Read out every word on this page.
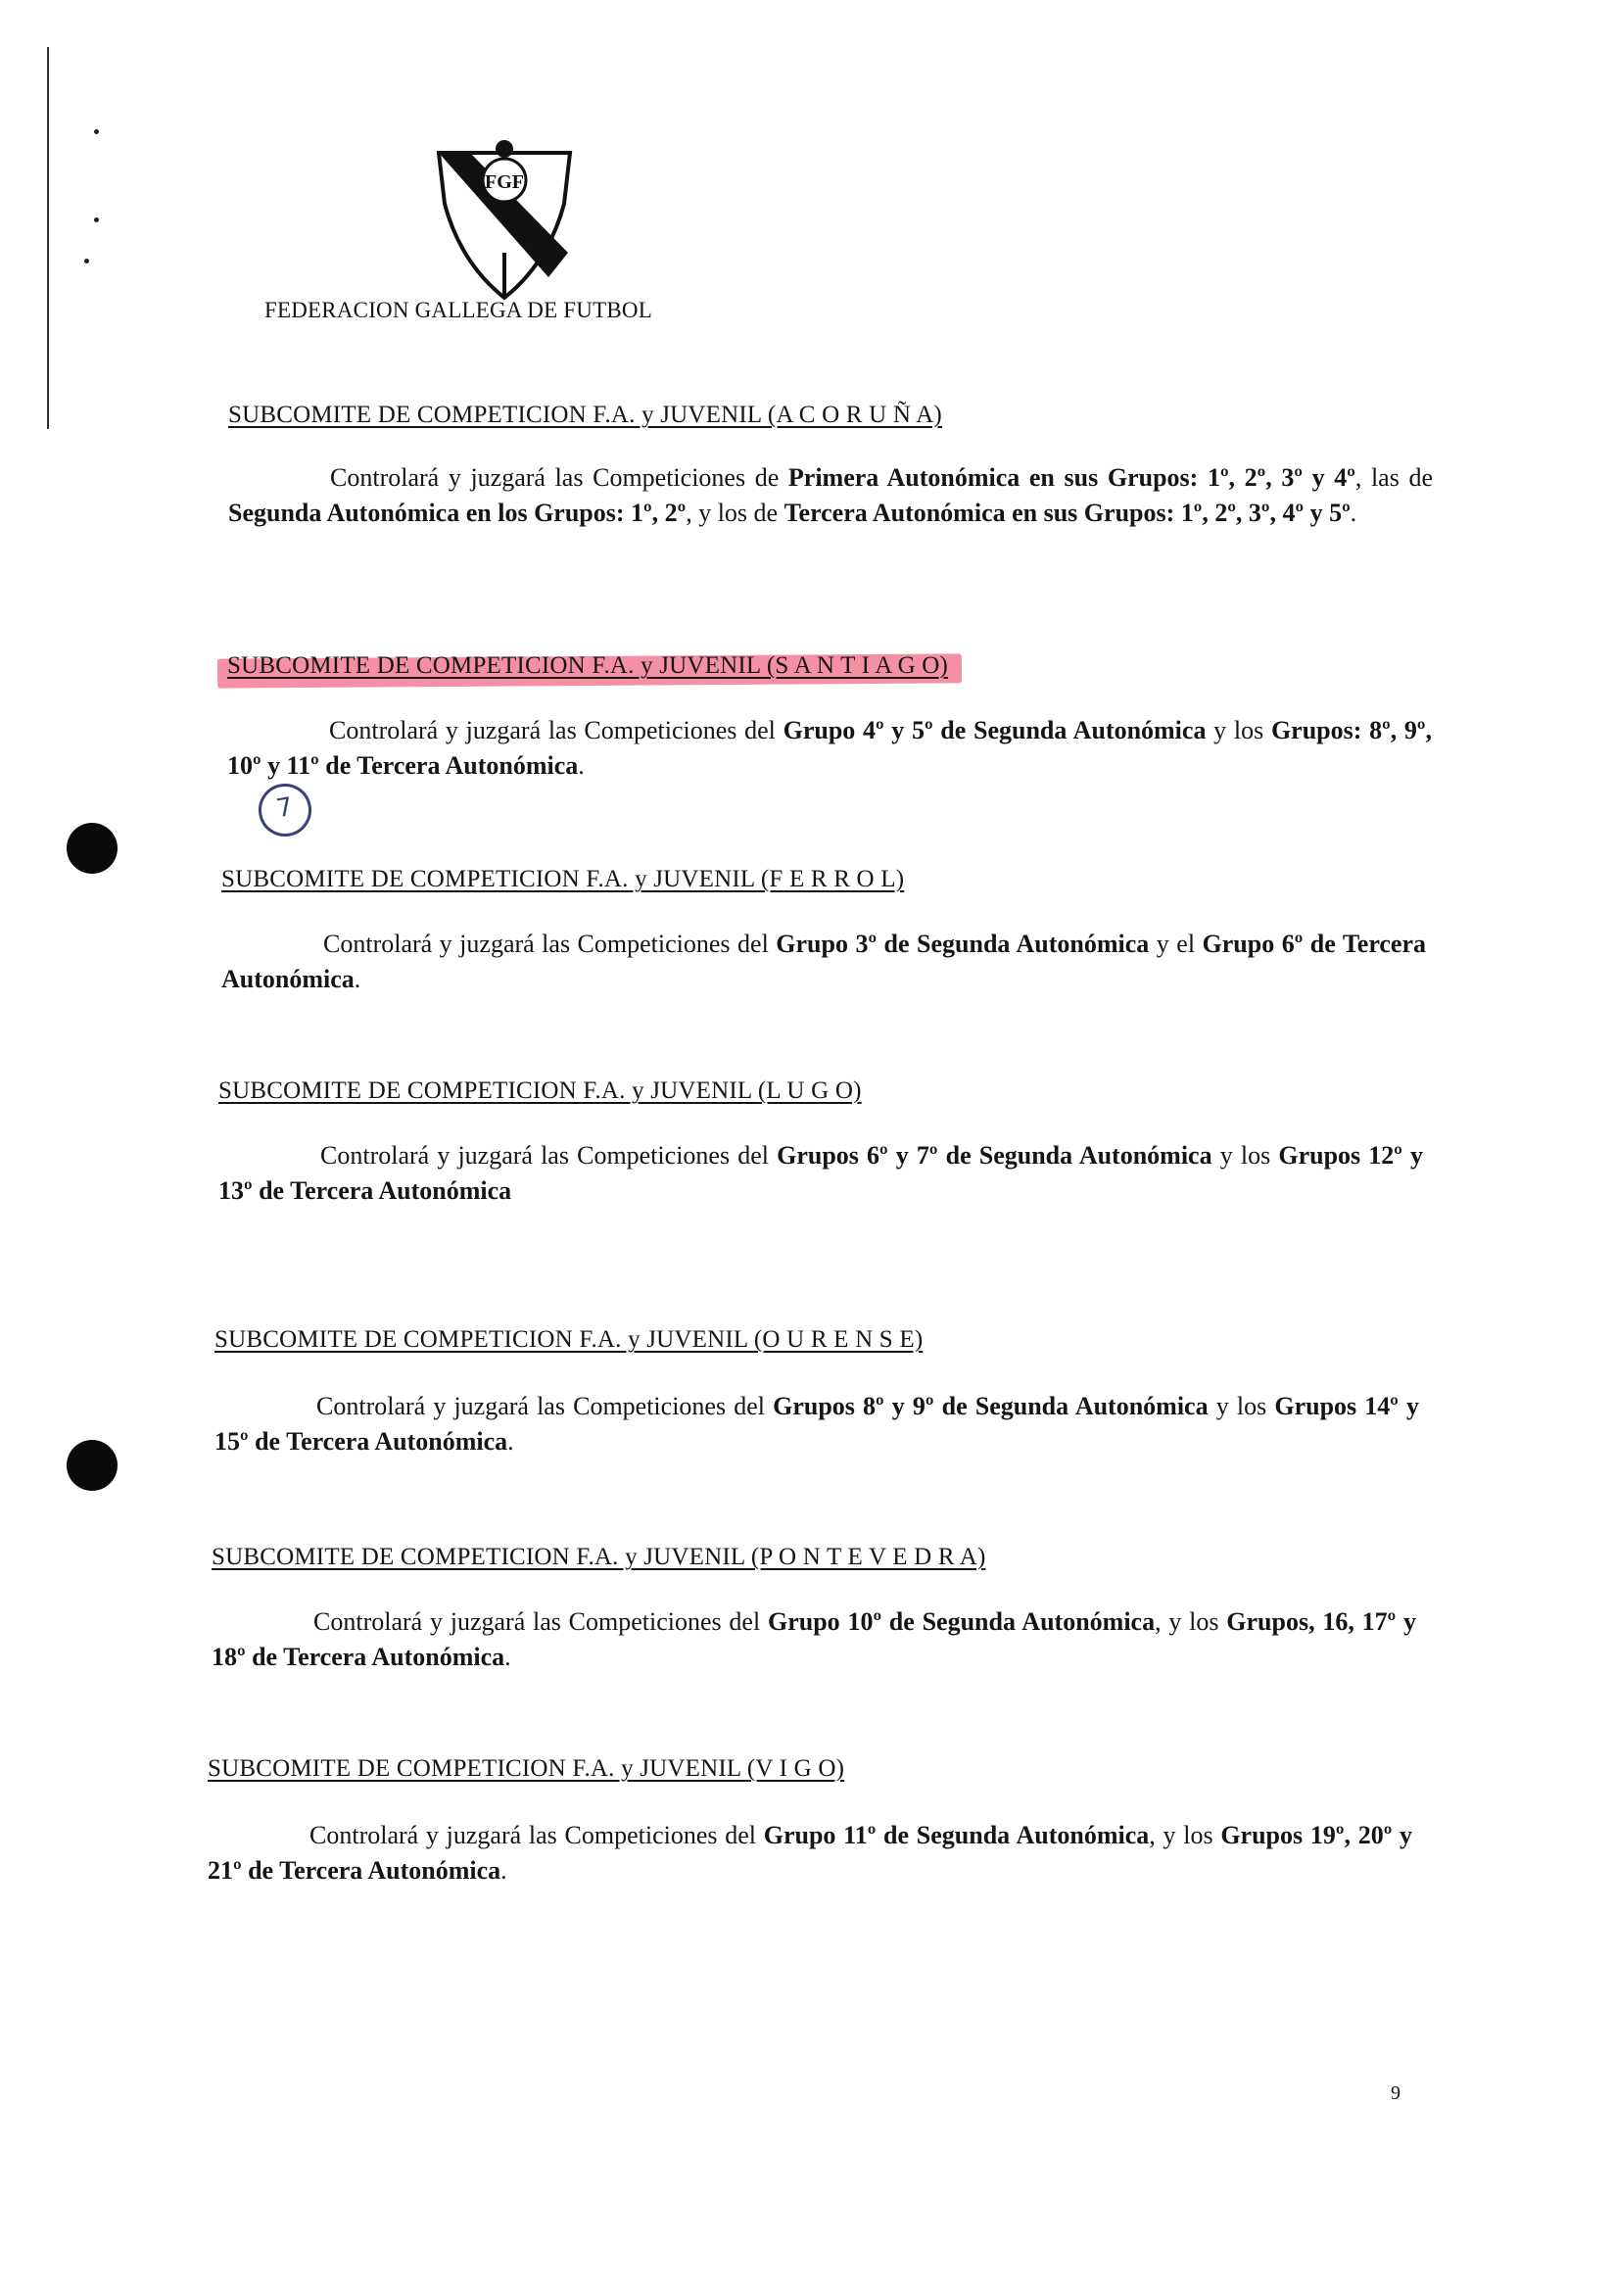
FGF
FEDERACION GALLEGA DE FUTBOL
SUBCOMITE DE COMPETICION F.A. y JUVENIL (A C O R U Ñ A)
Controlará y juzgará las Competiciones de Primera Autonómica en sus Grupos: 1º, 2º, 3º y 4º, las de Segunda Autonómica en los Grupos: 1º, 2º, y los de Tercera Autonómica en sus Grupos: 1º, 2º, 3º, 4º y 5º.
SUBCOMITE DE COMPETICION F.A. y JUVENIL (S A N T I A G O)
Controlará y juzgará las Competiciones del Grupo 4º y 5º de Segunda Autonómica y los Grupos: 8º, 9º, 10º y 11º de Tercera Autonómica.
7
SUBCOMITE DE COMPETICION F.A. y JUVENIL (F E R R O L)
Controlará y juzgará las Competiciones del Grupo 3º de Segunda Autonómica y el Grupo 6º de Tercera Autonómica.
SUBCOMITE DE COMPETICION F.A. y JUVENIL (L U G O)
Controlará y juzgará las Competiciones del Grupos 6º y 7º de Segunda Autonómica y los Grupos 12º y 13º de Tercera Autonómica
SUBCOMITE DE COMPETICION F.A. y JUVENIL (O U R E N S E)
Controlará y juzgará las Competiciones del Grupos 8º y 9º de Segunda Autonómica y los Grupos 14º y 15º de Tercera Autonómica.
SUBCOMITE DE COMPETICION F.A. y JUVENIL (P O N T E V E D R A)
Controlará y juzgará las Competiciones del Grupo 10º de Segunda Autonómica, y los Grupos, 16, 17º y 18º de Tercera Autonómica.
SUBCOMITE DE COMPETICION F.A. y JUVENIL (V I G O)
Controlará y juzgará las Competiciones del Grupo 11º de Segunda Autonómica, y los Grupos 19º, 20º y 21º de Tercera Autonómica.
9
